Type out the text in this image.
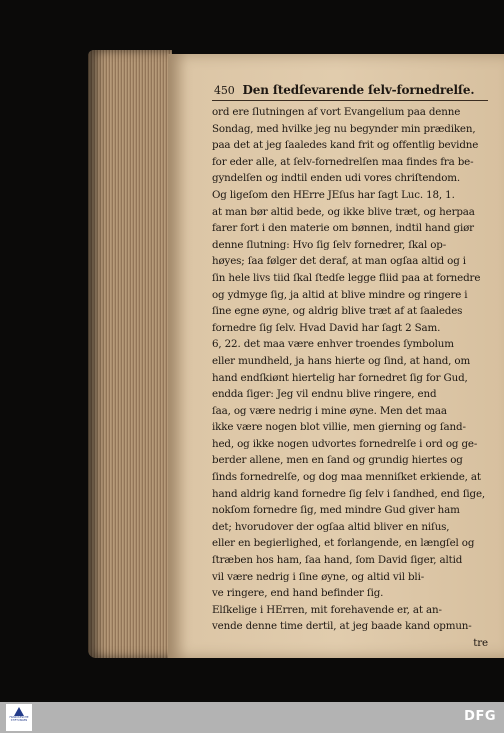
450 Den ſtedſevarende ſelv-fornedrelſe.
ord ere ſlutningen af vort Evangelium paa denne
Sondag, med hvilke jeg nu begynder min prædiken,
paa det at jeg ſaaledes kand frit og offentlig bevidne
for eder alle, at ſelv-fornedrelſen maa findes fra be-
gyndelſen og indtil enden udi vores chriſtendom.
Og ligeſom den HErre JEſus har ſagt Luc. 18, 1.
at man bør altid bede, og ikke blive træt, og herpaa
farer fort i den materie om bønnen, indtil hand giør
denne ſlutning: Hvo ſig ſelv fornedrer, ſkal op-
høyes; ſaa følger det deraf, at man ogſaa altid og i
ſin hele livs tiid ſkal ſtedſe legge fliid paa at fornedre
og ydmyge ſig, ja altid at blive mindre og ringere i
ſine egne øyne, og aldrig blive træt af at ſaaledes
fornedre ſig ſelv. Hvad David har ſagt 2 Sam.
6, 22. det maa være enhver troendes ſymbolum
eller mundheld, ja hans hierte og ſind, at hand, om
hand endſkiønt hiertelig har fornedret ſig for Gud,
endda ſiger: Jeg vil endnu blive ringere, end
ſaa, og være nedrig i mine øyne. Men det maa
ikke være nogen blot villie, men gierning og ſand-
hed, og ikke nogen udvortes fornedrelſe i ord og ge-
berder allene, men en ſand og grundig hiertes og
ſinds fornedrelſe, og dog maa menniſket erkiende, at
hand aldrig kand fornedre ſig ſelv i ſandhed, end ſige,
nokſom fornedre ſig, med mindre Gud giver ham
det; hvorudover der ogſaa altid bliver en niſus,
eller en begierlighed, et forlangende, en længſel og
ſtræben hos ham, ſaa hand, ſom David ſiger, altid
vil være nedrig i ſine øyne, og altid vil bli-
ve ringere, end hand befinder ſig.
Elſkelige i HErren, mit forehavende er, at an-
vende denne time dertil, at jeg baade kand opmun-
tre
FRANCKESCHE STIFTUNGEN	DFG
